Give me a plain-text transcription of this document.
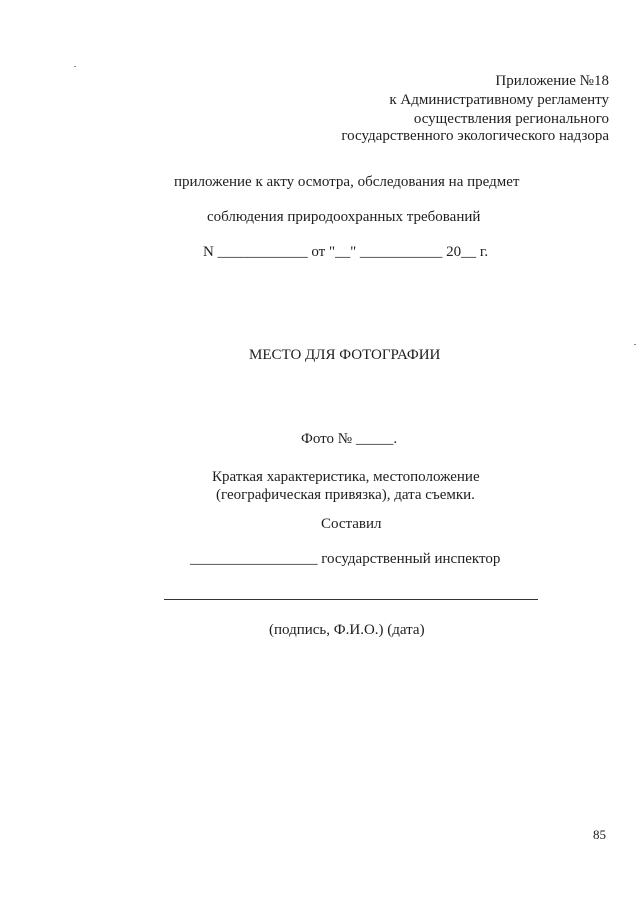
Приложение №18
к Административному регламенту
осуществления регионального
государственного экологического надзора
приложение к акту осмотра, обследования на предмет
соблюдения природоохранных требований
N ____________ от "__" ___________ 20__ г.
МЕСТО ДЛЯ ФОТОГРАФИИ
Фото № _____.
Краткая характеристика, местоположение
(географическая привязка), дата съемки.
Составил
_________________ государственный инспектор
(подпись, Ф.И.О.) (дата)
85
